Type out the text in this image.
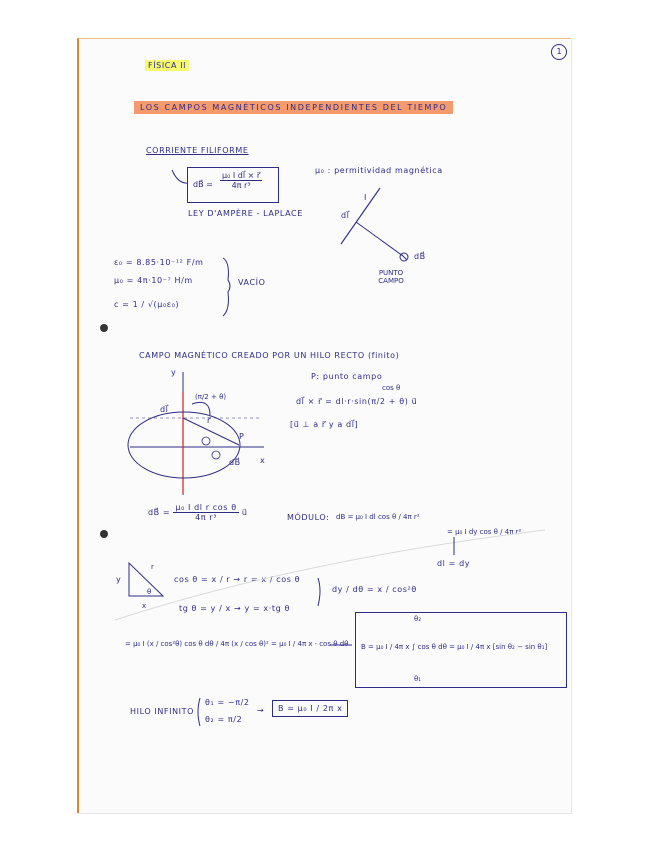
1
FÍSICA II
LOS CAMPOS MAGNÉTICOS INDEPENDIENTES DEL TIEMPO
CORRIENTE FILIFORME
dB⃗ = $\frac{\text{μ₀ I dl⃗ × r⃗}}{\text{4π r³}}$
LEY D'AMPÈRE - LAPLACE
μ₀ : permitividad magnética
ε₀ = 8.85·10⁻¹² F/m
μ₀ = 4π·10⁻⁷ H/m
c = 1 / √(μ₀ε₀)
VACÍO
I
dl⃗
dB⃗
PUNTO CAMPO
CAMPO MAGNÉTICO CREADO POR UN HILO RECTO (finito)
P: punto campo
cos θ
dl⃗ × r⃗ = dl·r·sin(π/2 + θ) u⃗
[u⃗ ⊥ a r⃗ y a dl⃗]
y
x
dl⃗
r⃗
P
dB⃗
(π/2 + θ)
dB⃗ = $\frac{\text{μ₀ I dl r cos θ}}{\text{4π r³}}$ u⃗
MÓDULO: dB = μ₀ I dl cos θ / 4π r²
= μ₀ I dy cos θ / 4π r²
dl = dy
y
r
x
θ
cos θ = x / r → r = x / cos θ
tg θ = y / x → y = x·tg θ
dy / dθ = x / cos²θ
= μ₀ I (x / cos²θ) cos θ dθ / 4π (x / cos θ)² = μ₀ I / 4π x · cos θ dθ
θ₂
B = μ₀ I / 4π x ∫ cos θ dθ = μ₀ I / 4π x [sin θ₂ − sin θ₁]
θ₁
HILO INFINITO
θ₁ = −π/2
θ₂ = π/2
→	B = μ₀ I / 2π x
